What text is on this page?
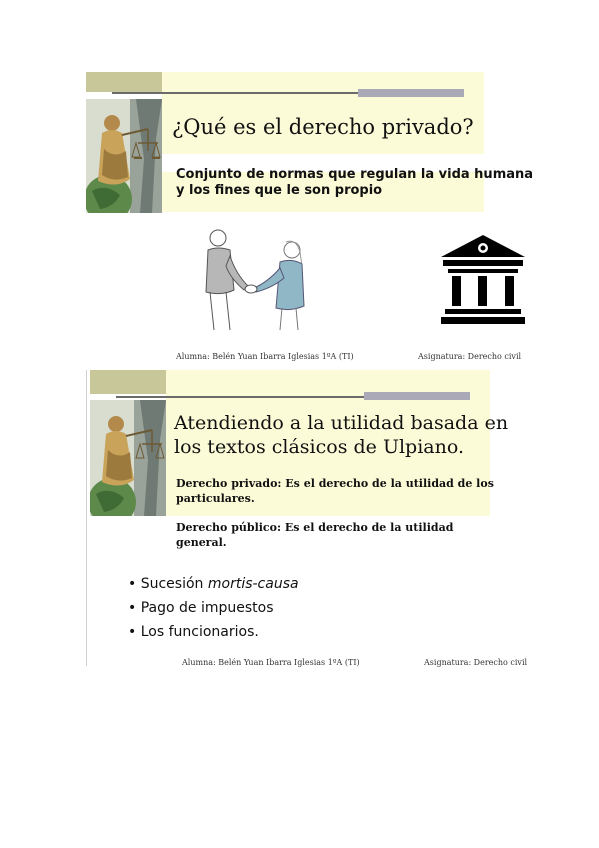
¿Qué es el derecho privado?
Conjunto de normas que regulan la vida humana
y los fines que le son propio
Alumna: Belén Yuan Ibarra Iglesias 1ºA (TI)	Asignatura: Derecho civil
Atendiendo a la utilidad basada en
los textos clásicos de Ulpiano.
Derecho privado: Es el derecho de la utilidad de los
particulares.
Derecho público: Es el derecho de la utilidad
general.
• Sucesión mortis-causa
• Pago de impuestos
• Los funcionarios.
Alumna: Belén Yuan Ibarra Iglesias 1ºA (TI)	Asignatura: Derecho civil
